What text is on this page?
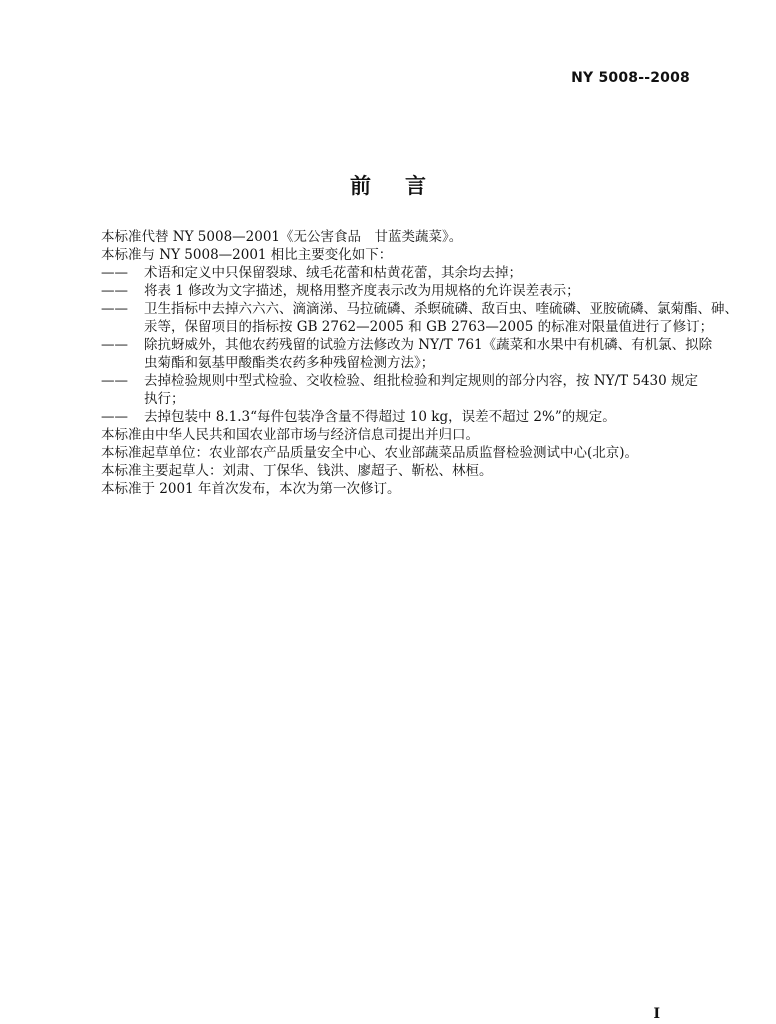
NY 5008--2008
前言

本标准代替 NY 5008—2001《无公害食品　甘蓝类蔬菜》。

本标准与 NY 5008—2001 相比主要变化如下：

—— 术语和定义中只保留裂球、绒毛花蕾和枯黄花蕾，其余均去掉；
—— 将表 1 修改为文字描述，规格用整齐度表示改为用规格的允许误差表示；
—— 卫生指标中去掉六六六、滴滴涕、马拉硫磷、杀螟硫磷、敌百虫、喹硫磷、亚胺硫磷、氯菊酯、砷、
汞等，保留项目的指标按 GB 2762—2005 和 GB 2763—2005 的标准对限量值进行了修订；
—— 除抗蚜威外，其他农药残留的试验方法修改为 NY/T 761《蔬菜和水果中有机磷、有机氯、拟除
虫菊酯和氨基甲酸酯类农药多种残留检测方法》；
—— 去掉检验规则中型式检验、交收检验、组批检验和判定规则的部分内容，按 NY/T 5430 规定
执行；
—— 去掉包装中 8.1.3“每件包装净含量不得超过 10 kg，误差不超过 2%”的规定。

本标准由中华人民共和国农业部市场与经济信息司提出并归口。

本标准起草单位：农业部农产品质量安全中心、农业部蔬菜品质监督检验测试中心(北京)。

本标准主要起草人：刘肃、丁保华、钱洪、廖超子、靳松、林桓。

本标准于 2001 年首次发布，本次为第一次修订。

I
